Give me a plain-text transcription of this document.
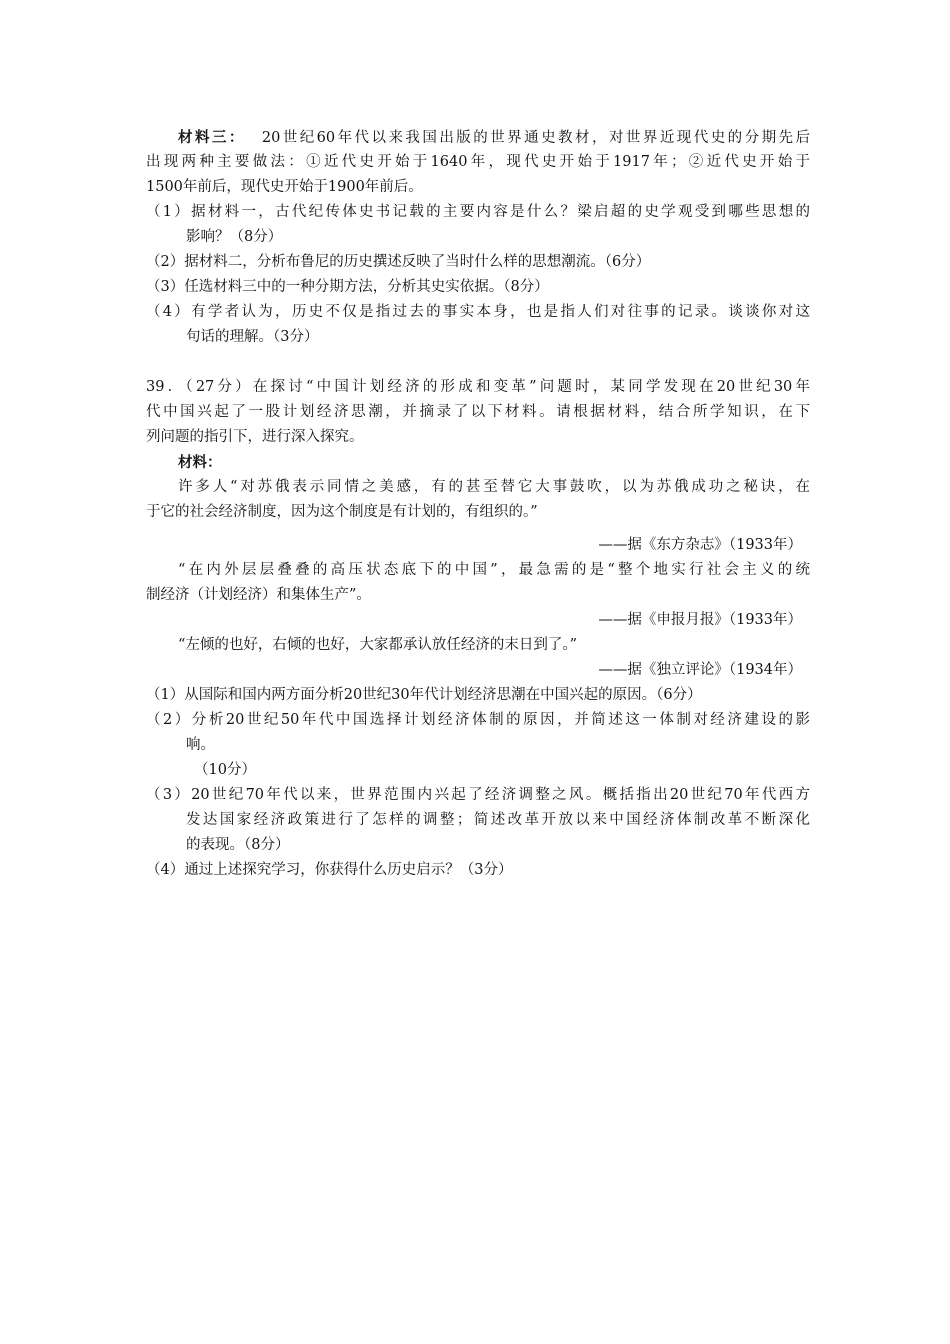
材料三： 20世纪60年代以来我国出版的世界通史教材，对世界近现代史的分期先后

出现两种主要做法：①近代史开始于1640年，现代史开始于1917年；②近代史开始于

1500年前后，现代史开始于1900年前后。

（1）据材料一，古代纪传体史书记载的主要内容是什么？梁启超的史学观受到哪些思想的

影响？（8分）

（2）据材料二，分析布鲁尼的历史撰述反映了当时什么样的思想潮流。（6分）

（3）任选材料三中的一种分期方法，分析其史实依据。（8分）

（4）有学者认为，历史不仅是指过去的事实本身，也是指人们对往事的记录。谈谈你对这

句话的理解。（3分）

39．（27分）在探讨“中国计划经济的形成和变革”问题时，某同学发现在20世纪30年

代中国兴起了一股计划经济思潮，并摘录了以下材料。请根据材料，结合所学知识，在下

列问题的指引下，进行深入探究。

材料：

许多人“对苏俄表示同情之美感，有的甚至替它大事鼓吹，以为苏俄成功之秘诀，在

于它的社会经济制度，因为这个制度是有计划的，有组织的。”

——据《东方杂志》（1933年）

“在内外层层叠叠的高压状态底下的中国”，最急需的是“整个地实行社会主义的统

制经济（计划经济）和集体生产”。

——据《申报月报》（1933年）

“左倾的也好，右倾的也好，大家都承认放任经济的末日到了。”

——据《独立评论》（1934年）

（1）从国际和国内两方面分析20世纪30年代计划经济思潮在中国兴起的原因。（6分）

（2）分析20世纪50年代中国选择计划经济体制的原因，并简述这一体制对经济建设的影

响。

（10分）

（3）20世纪70年代以来，世界范围内兴起了经济调整之风。概括指出20世纪70年代西方

发达国家经济政策进行了怎样的调整；简述改革开放以来中国经济体制改革不断深化

的表现。（8分）

（4）通过上述探究学习，你获得什么历史启示？（3分）
